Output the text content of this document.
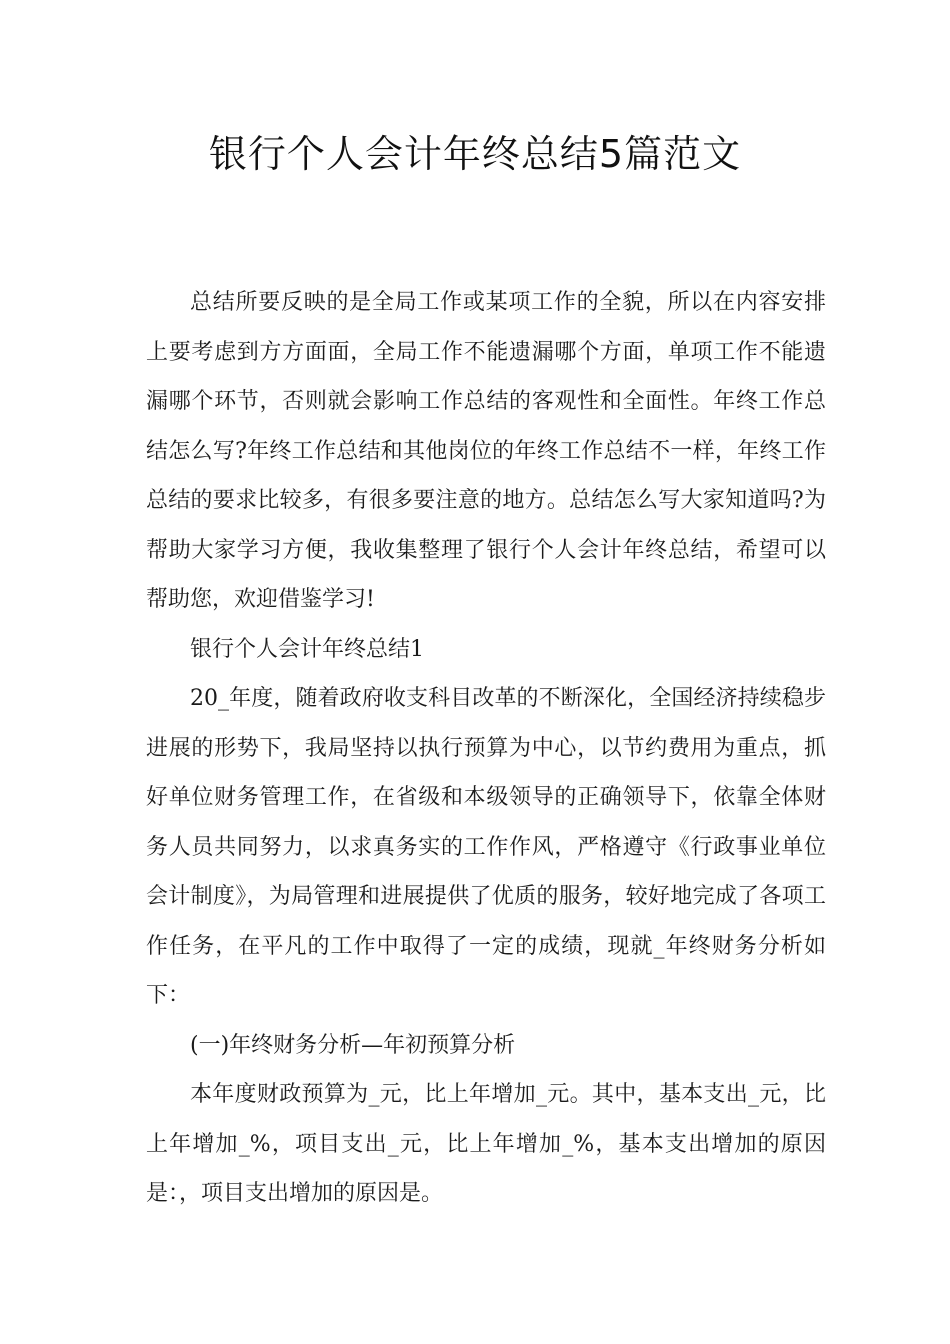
银行个人会计年终总结5篇范文

总结所要反映的是全局工作或某项工作的全貌，所以在内容安排上要考虑到方方面面，全局工作不能遗漏哪个方面，单项工作不能遗漏哪个环节，否则就会影响工作总结的客观性和全面性。年终工作总结怎么写?年终工作总结和其他岗位的年终工作总结不一样，年终工作总结的要求比较多，有很多要注意的地方。总结怎么写大家知道吗?为帮助大家学习方便，我收集整理了银行个人会计年终总结，希望可以帮助您，欢迎借鉴学习!

银行个人会计年终总结1

20_年度，随着政府收支科目改革的不断深化，全国经济持续稳步进展的形势下，我局坚持以执行预算为中心，以节约费用为重点，抓好单位财务管理工作，在省级和本级领导的正确领导下，依靠全体财务人员共同努力，以求真务实的工作作风，严格遵守《行政事业单位会计制度》，为局管理和进展提供了优质的服务，较好地完成了各项工作任务，在平凡的工作中取得了一定的成绩，现就_年终财务分析如下：

(一)年终财务分析—年初预算分析

本年度财政预算为_元，比上年增加_元。其中，基本支出_元，比上年增加_%，项目支出_元，比上年增加_%，基本支出增加的原因是：，项目支出增加的原因是。
